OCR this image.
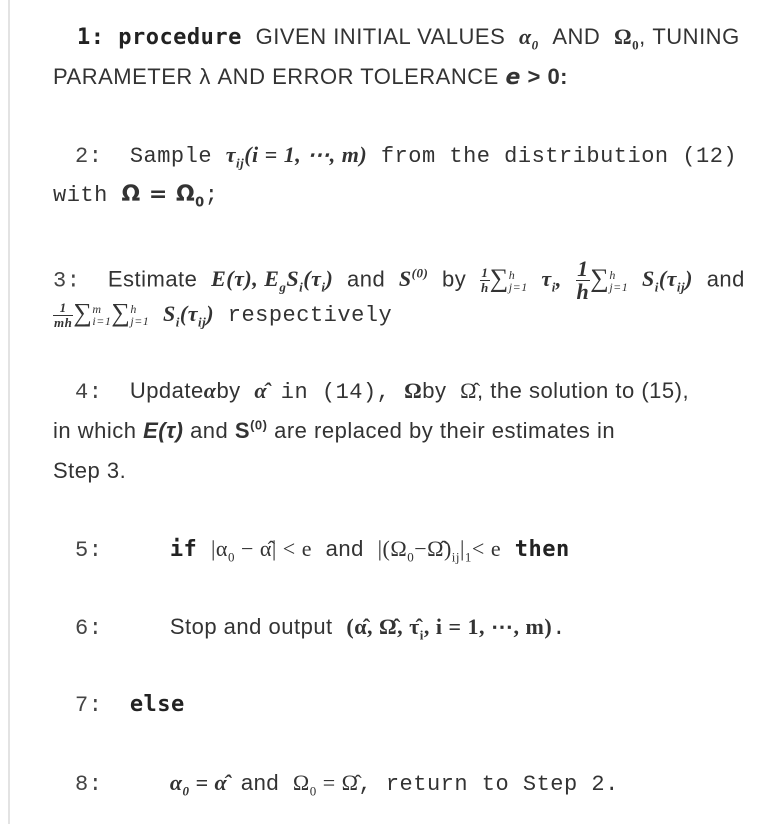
1: procedure GIVEN INITIAL VALUES $\alpha_0$ AND $\Omega_0$, TUNING
PARAMETER λ AND ERROR TOLERANCE e > 0:
2: Sample $\tau_{ij}(i = 1$, ⋯, m) from the distribution (12)
with $\Omega = \Omega_0$;
3: Estimate E(τ), $E_gS_i(\tau_i)$ and $S^{(0)}$ by $\frac{1}{h}$ ∑ h
j=1 $\tau_i$, $\frac{1}{h}$ ∑ h
j=1 $S_i(\tau_{ij})$ and
$\frac{1}{mh}$ ∑ m
i=1 ∑ h
j=1 $S_i(\tau_{ij})$ respectively
4: Updateαby α̂ in (14), Ωby Ω̂, the solution to (15),
in which E(τ) and $S^{(0)}$ are replaced by their estimates in
Step 3.
5:	if $|\alpha_0$ − α̂| < e and $|(\Omega_0-\Omegâ)_{ij}|_1< e$ then
6:	Stop and output (α̂, Ω̂, $\taû_i$, i = 1, ⋯, m).
7: else
8:	$\alpha_0$ = α̂ and $\Omega_0$ = Ω̂, return to Step 2.
